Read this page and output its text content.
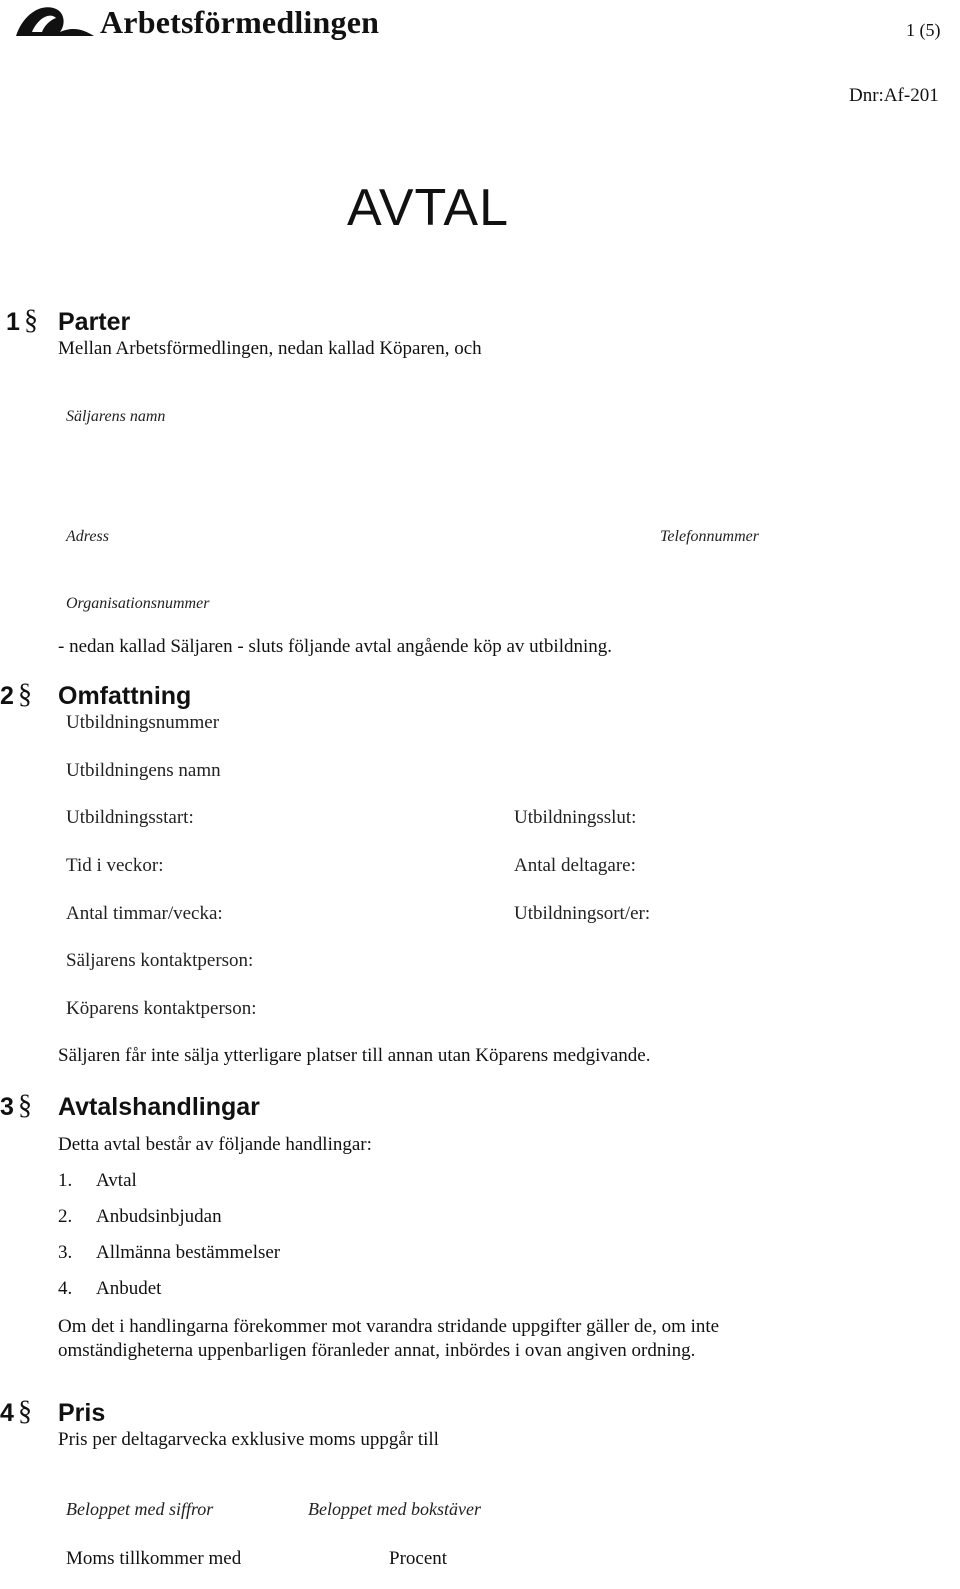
Arbetsförmedlingen	1 (5)
Dnr:Af-201
AVTAL
1 § Parter
Mellan Arbetsförmedlingen, nedan kallad Köparen, och
Säljarens namn
Adress	Telefonnummer
Organisationsnummer
- nedan kallad Säljaren - sluts följande avtal angående köp av utbildning.
2 § Omfattning
Utbildningsnummer
Utbildningens namn
Utbildningsstart:	Utbildningsslut:
Tid i veckor:	Antal deltagare:
Antal timmar/vecka:	Utbildningsort/er:
Säljarens kontaktperson:
Köparens kontaktperson:
Säljaren får inte sälja ytterligare platser till annan utan Köparens medgivande.
3 § Avtalshandlingar
Detta avtal består av följande handlingar:
1. Avtal
2. Anbudsinbjudan
3. Allmänna bestämmelser
4. Anbudet
Om det i handlingarna förekommer mot varandra stridande uppgifter gäller de, om inte
omständigheterna uppenbarligen föranleder annat, inbördes i ovan angiven ordning.
4 § Pris
Pris per deltagarvecka exklusive moms uppgår till
Beloppet med siffror	Beloppet med bokstäver
Moms tillkommer med	Procent
